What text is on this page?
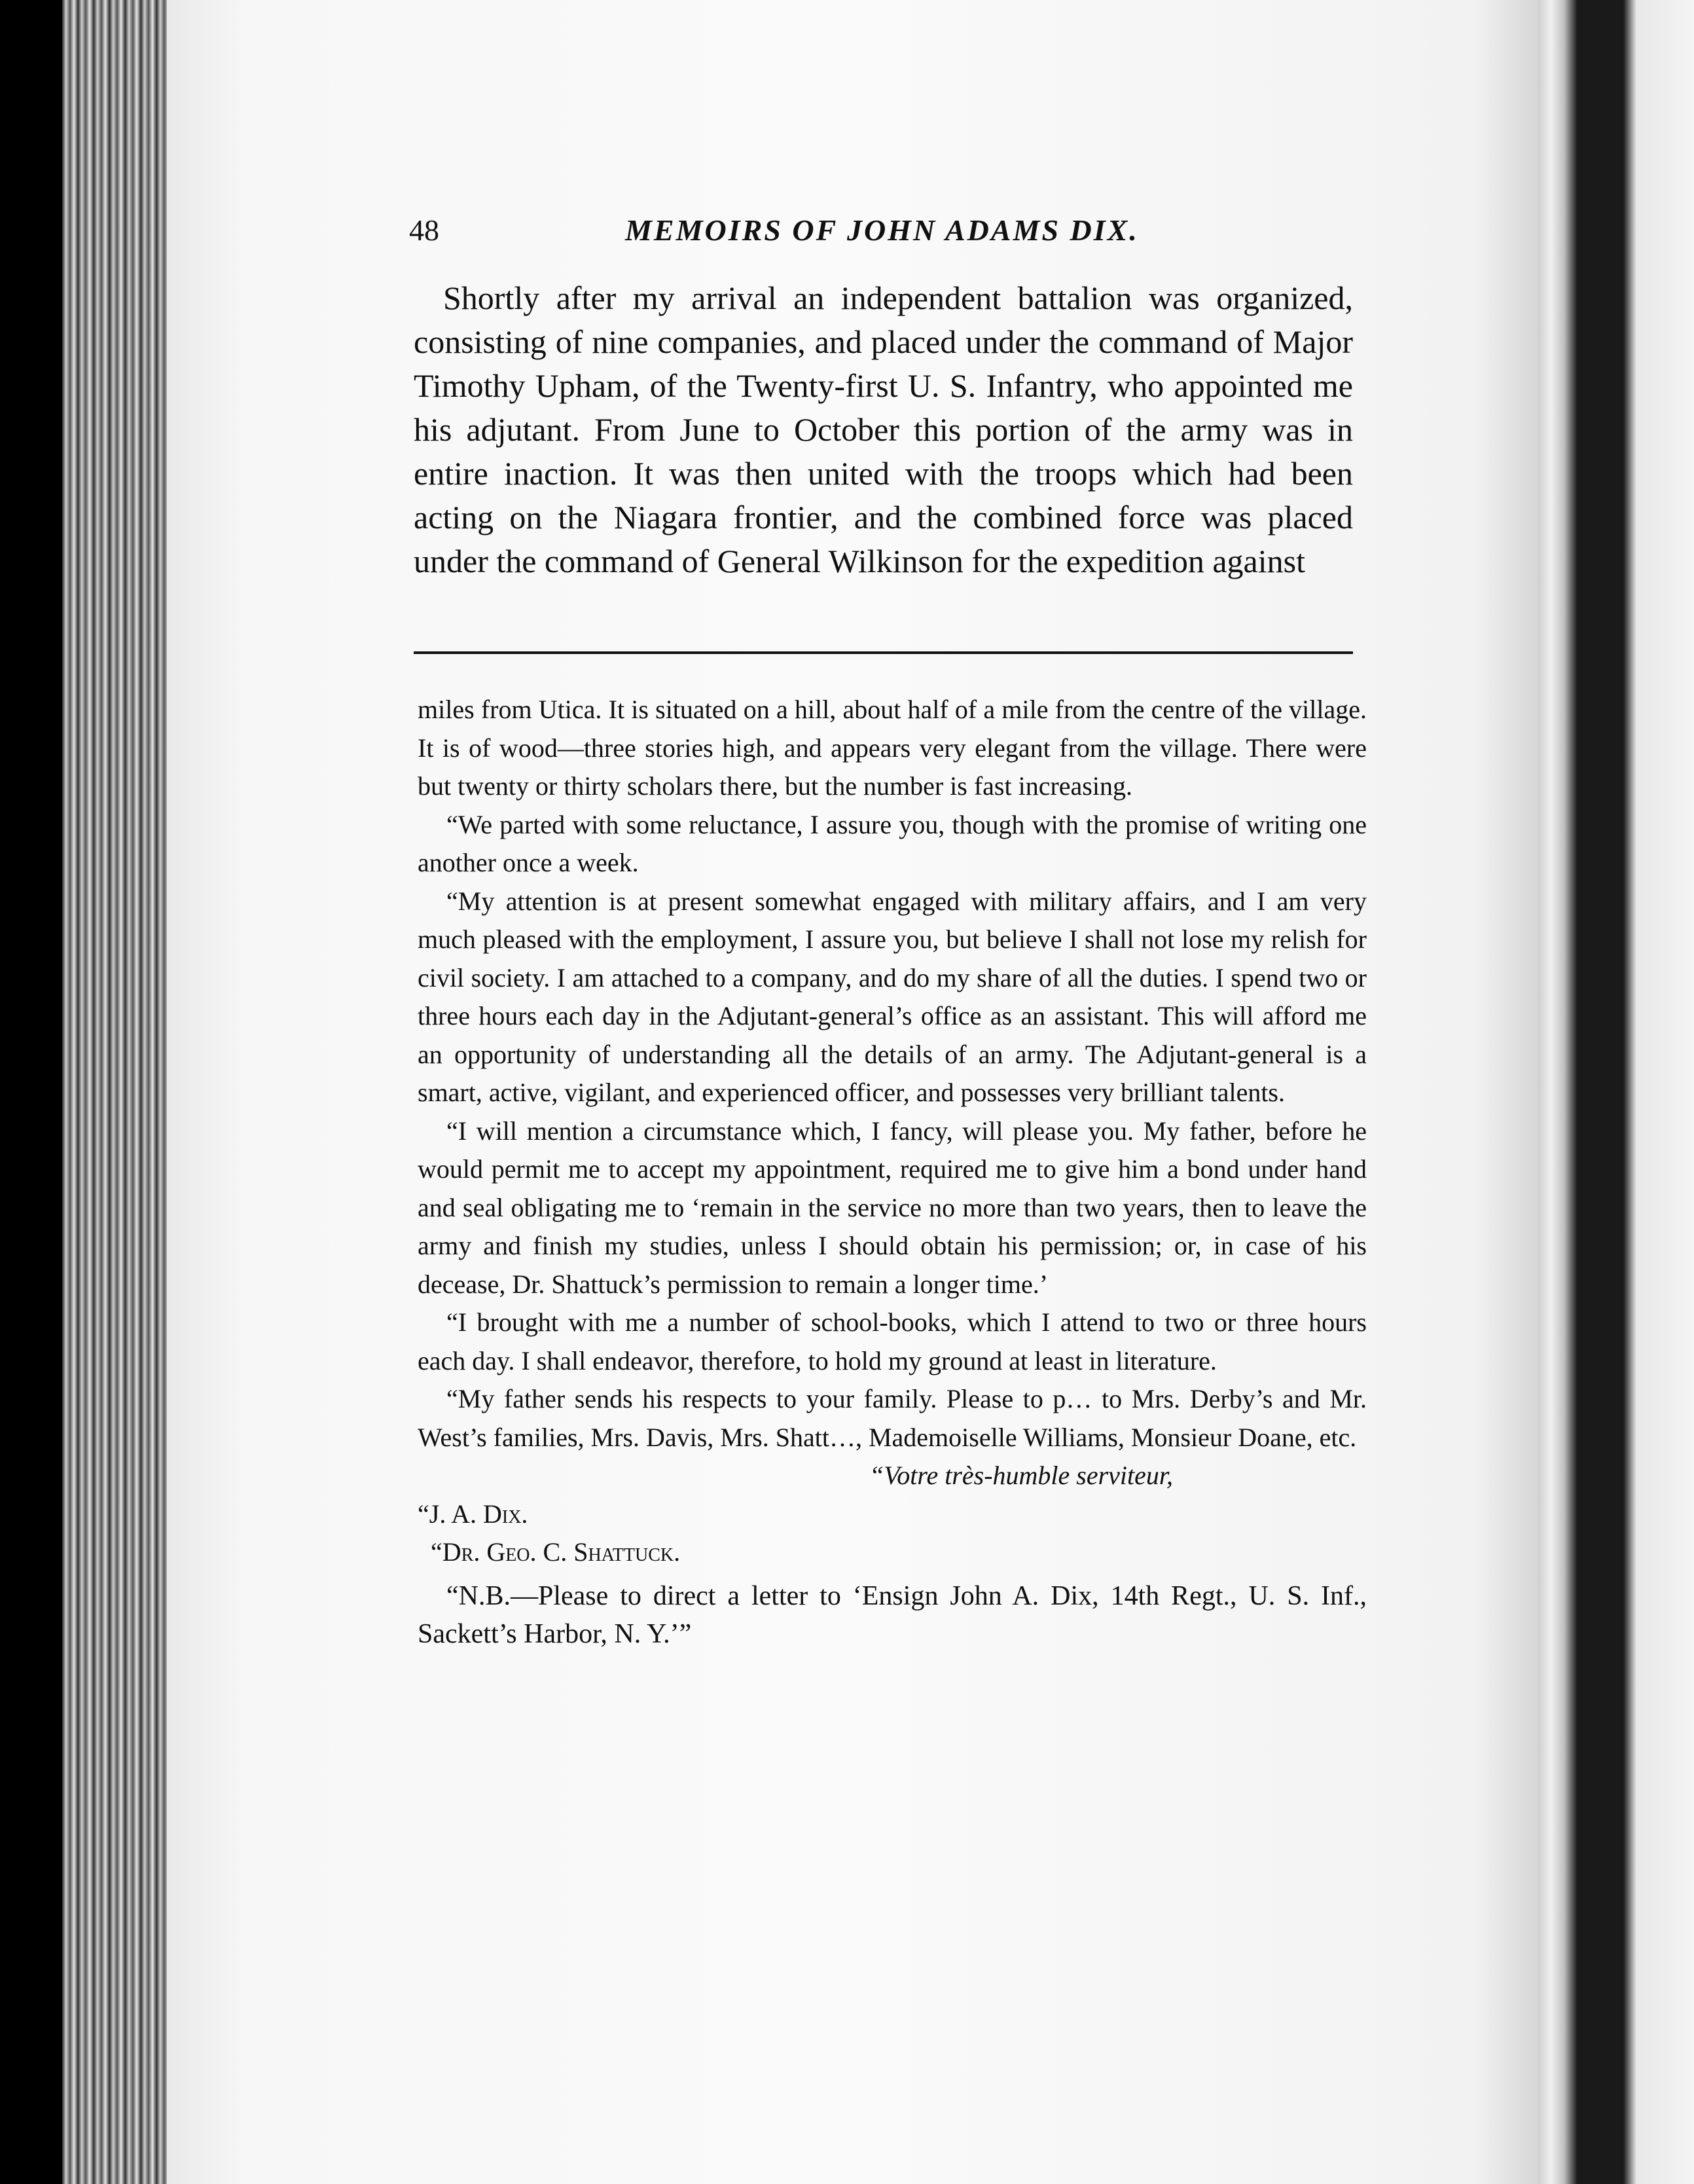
48	MEMOIRS OF JOHN ADAMS DIX.
Shortly after my arrival an independent battalion was organized, consisting of nine companies, and placed under the command of Major Timothy Upham, of the Twenty-first U. S. Infantry, who appointed me his adjutant. From June to October this portion of the army was in entire inaction. It was then united with the troops which had been acting on the Niagara frontier, and the combined force was placed under the command of General Wilkinson for the expedition against

miles from Utica. It is situated on a hill, about half of a mile from the centre of the village. It is of wood—three stories high, and appears very elegant from the village. There were but twenty or thirty scholars there, but the number is fast increasing.

“We parted with some reluctance, I assure you, though with the promise of writing one another once a week.

“My attention is at present somewhat engaged with military affairs, and I am very much pleased with the employment, I assure you, but believe I shall not lose my relish for civil society. I am attached to a company, and do my share of all the duties. I spend two or three hours each day in the Adjutant-general’s office as an assistant. This will afford me an opportunity of understanding all the details of an army. The Adjutant-general is a smart, active, vigilant, and experienced officer, and possesses very brilliant talents.

“I will mention a circumstance which, I fancy, will please you. My father, before he would permit me to accept my appointment, required me to give him a bond under hand and seal obligating me to ‘remain in the service no more than two years, then to leave the army and finish my studies, unless I should obtain his permission; or, in case of his decease, Dr. Shattuck’s permission to remain a longer time.’

“I brought with me a number of school-books, which I attend to two or three hours each day. I shall endeavor, therefore, to hold my ground at least in literature.

“My father sends his respects to your family. Please to p… to Mrs. Derby’s and Mr. West’s families, Mrs. Davis, Mrs. Shatt…, Mademoiselle Williams, Monsieur Doane, etc.

“Votre très-humble serviteur,

“J. A. Dix.

“Dr. Geo. C. Shattuck.

“N.B.—Please to direct a letter to ‘Ensign John A. Dix, 14th Regt., U. S. Inf., Sackett’s Harbor, N. Y.’”
